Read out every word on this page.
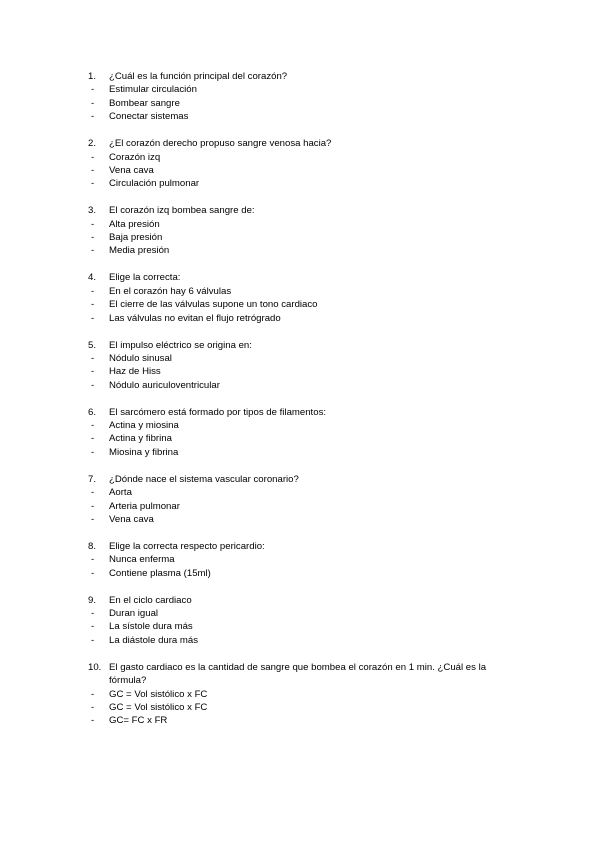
1.	¿Cuál es la función principal del corazón?
-	Estimular circulación
-	Bombear sangre
-	Conectar sistemas
2.	¿El corazón derecho propuso sangre venosa hacia?
-	Corazón izq
-	Vena cava
-	Circulación pulmonar
3.	El corazón izq bombea sangre de:
-	Alta presión
-	Baja presión
-	Media presión
4.	Elige la correcta:
-	En el corazón hay 6 válvulas
-	El cierre de las válvulas supone un tono cardiaco
-	Las válvulas no evitan el flujo retrógrado
5.	El impulso eléctrico se origina en:
-	Nódulo sinusal
-	Haz de Hiss
-	Nódulo auriculoventricular
6.	El sarcómero está formado por tipos de filamentos:
-	Actina y miosina
-	Actina y fibrina
-	Miosina y fibrina
7.	¿Dónde nace el sistema vascular coronario?
-	Aorta
-	Arteria pulmonar
-	Vena cava
8.	Elige la correcta respecto pericardio:
-	Nunca enferma
-	Contiene plasma (15ml)
9.	En el ciclo cardiaco
-	Duran igual
-	La sístole dura más
-	La diástole dura más
10. El gasto cardiaco es la cantidad de sangre que bombea el corazón en 1 min. ¿Cuál es la fórmula?
-	GC = Vol sistólico x FC
-	GC = Vol sistólico x FC
-	GC= FC x FR
